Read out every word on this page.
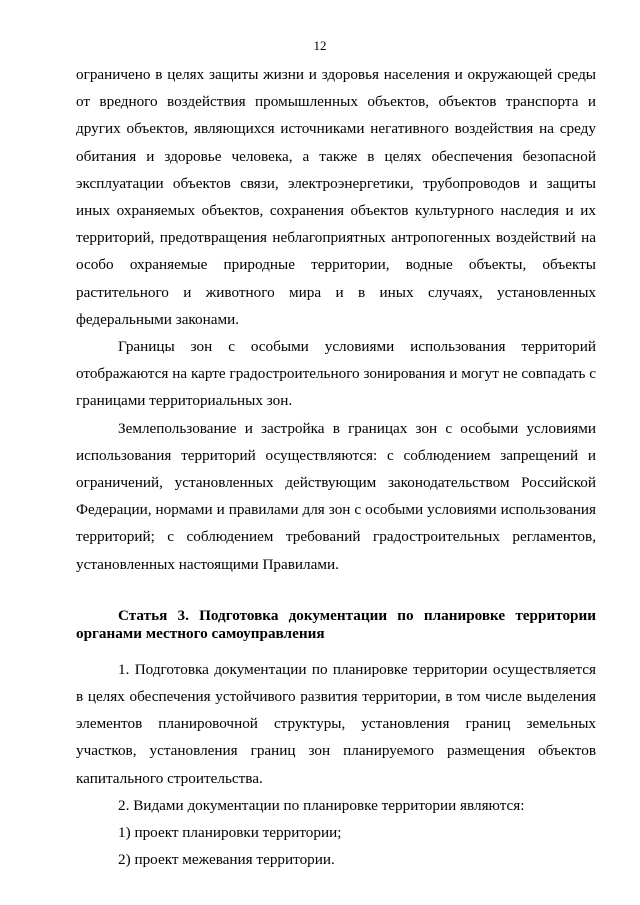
12

ограничено в целях защиты жизни и здоровья населения и окружающей среды от вредного воздействия промышленных объектов, объектов транспорта и других объектов, являющихся источниками негативного воздействия на среду обитания и здоровье человека, а также в целях обеспечения безопасной эксплуатации объектов связи, электроэнергетики, трубопроводов и защиты иных охраняемых объектов, сохранения объектов культурного наследия и их территорий, предотвращения неблагоприятных антропогенных воздействий на особо охраняемые природные территории, водные объекты, объекты растительного и животного мира и в иных случаях, установленных федеральными законами.

Границы зон с особыми условиями использования территорий отображаются на карте градостроительного зонирования и могут не совпадать с границами территориальных зон.

Землепользование и застройка в границах зон с особыми условиями использования территорий осуществляются: с соблюдением запрещений и ограничений, установленных действующим законодательством Российской Федерации, нормами и правилами для зон с особыми условиями использования территорий; с соблюдением требований градостроительных регламентов, установленных настоящими Правилами.

Статья 3. Подготовка документации по планировке территории органами местного самоуправления

1. Подготовка документации по планировке территории осуществляется в целях обеспечения устойчивого развития территории, в том числе выделения элементов планировочной структуры, установления границ земельных участков, установления границ зон планируемого размещения объектов капитального строительства.

2. Видами документации по планировке территории являются:

1) проект планировки территории;

2) проект межевания территории.
